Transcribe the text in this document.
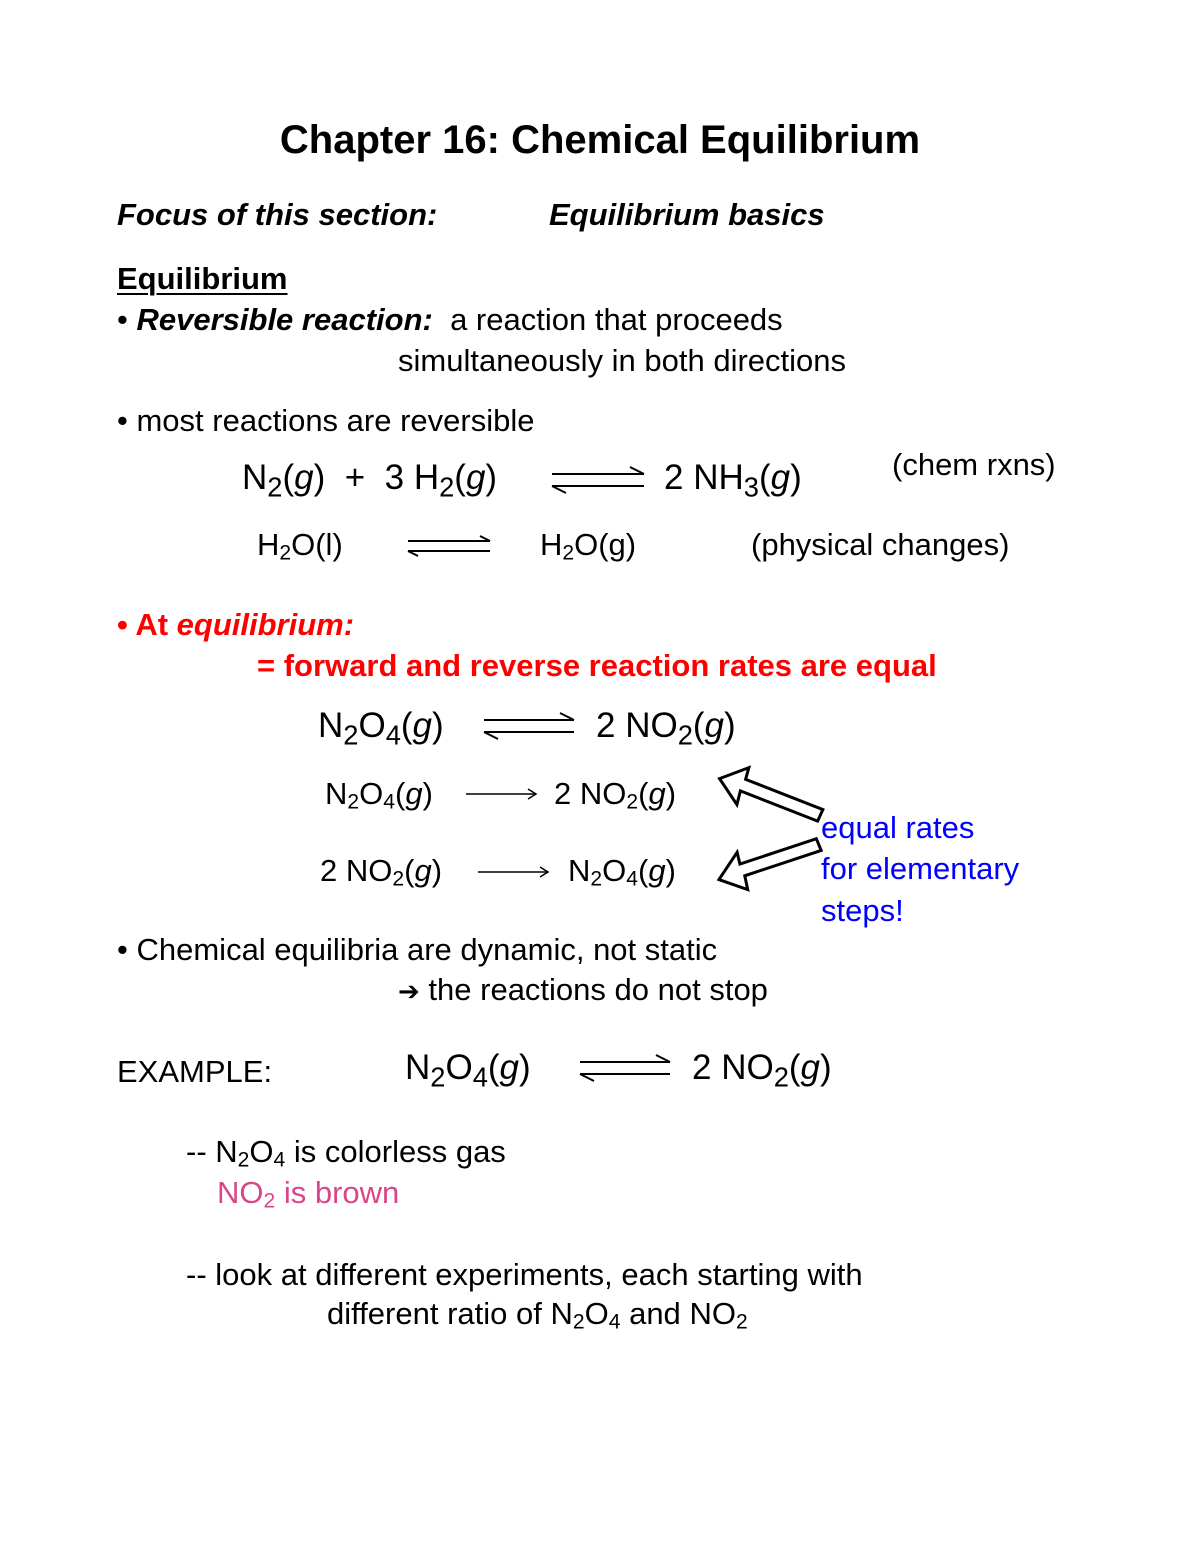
Chapter 16: Chemical Equilibrium
Focus of this section:	Equilibrium basics
Equilibrium
• Reversible reaction: a reaction that proceeds
simultaneously in both directions
• most reactions are reversible
$N_2(g) + 3$ $H_2(g)$	2 $NH_3(g)$	(chem rxns)
$H_2O(l)$	$H_2O(g)$	(physical changes)
• At equilibrium:
= forward and reverse reaction rates are equal
$N_2O_4(g)$	2 $NO_2(g)$
$N_2O_4(g)$	2 $NO_2(g)$
2 $NO_2(g)$	$N_2O_4(g)$
equal rates
for elementary
steps!
• Chemical equilibria are dynamic, not static
➔ the reactions do not stop
EXAMPLE:	$N_2O_4(g)$	2 $NO_2(g)$
-- $N_2O_4$ is colorless gas
$NO_2$ is brown
-- look at different experiments, each starting with
different ratio of $N_2O_4$ and $NO_2$
